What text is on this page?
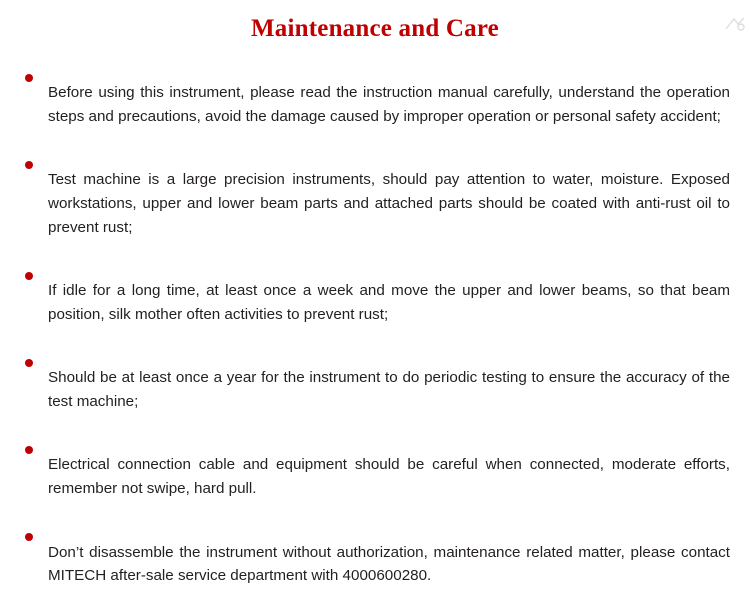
Maintenance and Care

Before using this instrument, please read the instruction manual carefully, understand the operation steps and precautions, avoid the damage caused by improper operation or personal safety accident;

Test machine is a large precision instruments, should pay attention to water, moisture. Exposed workstations, upper and lower beam parts and attached parts should be coated with anti-rust oil to prevent rust;

If idle for a long time, at least once a week and move the upper and lower beams, so that beam position, silk mother often activities to prevent rust;

Should be at least once a year for the instrument to do periodic testing to ensure the accuracy of the test machine;

Electrical connection cable and equipment should be careful when connected, moderate efforts, remember not swipe, hard pull.

Don’t disassemble the instrument without authorization, maintenance related matter, please contact MITECH after-sale service department with 4000600280.
